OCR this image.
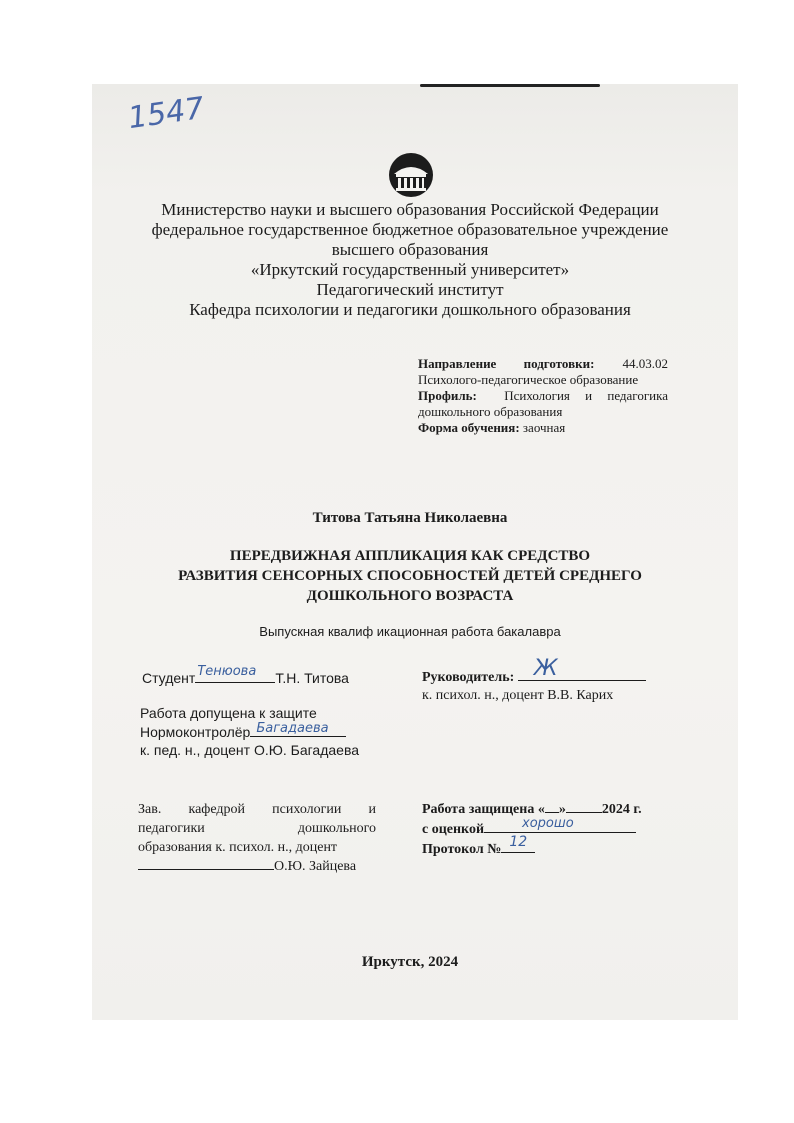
1547
Министерство науки и высшего образования Российской Федерации
федеральное государственное бюджетное образовательное учреждение
высшего образования
«Иркутский государственный университет»
Педагогический институт
Кафедра психологии и педагогики дошкольного образования
Направление подготовки: 44.03.02
Психолого-педагогическое образование
Профиль: Психология и педагогика
дошкольного образования
Форма обучения: заочная
Титова Татьяна Николаевна
ПЕРЕДВИЖНАЯ АППЛИКАЦИЯ КАК СРЕДСТВО
РАЗВИТИЯ СЕНСОРНЫХ СПОСОБНОСТЕЙ ДЕТЕЙ СРЕДНЕГО
ДОШКОЛЬНОГО ВОЗРАСТА
Выпускная квалиф икационная работа бакалавра
Студент Тенюова Т.Н. Титова	Руководитель: Ж
к. психол. н., доцент В.В. Карих
Работа допущена к защите
Нормоконтролёр Багадаева
к. пед. н., доцент О.Ю. Багадаева
Зав. кафедрой психологии и
педагогики дошкольного
образования к. психол. н., доцент
О.Ю. Зайцева
Работа защищена « »	2024 г.
с оценкой	хорошо
Протокол № 12
Иркутск, 2024
